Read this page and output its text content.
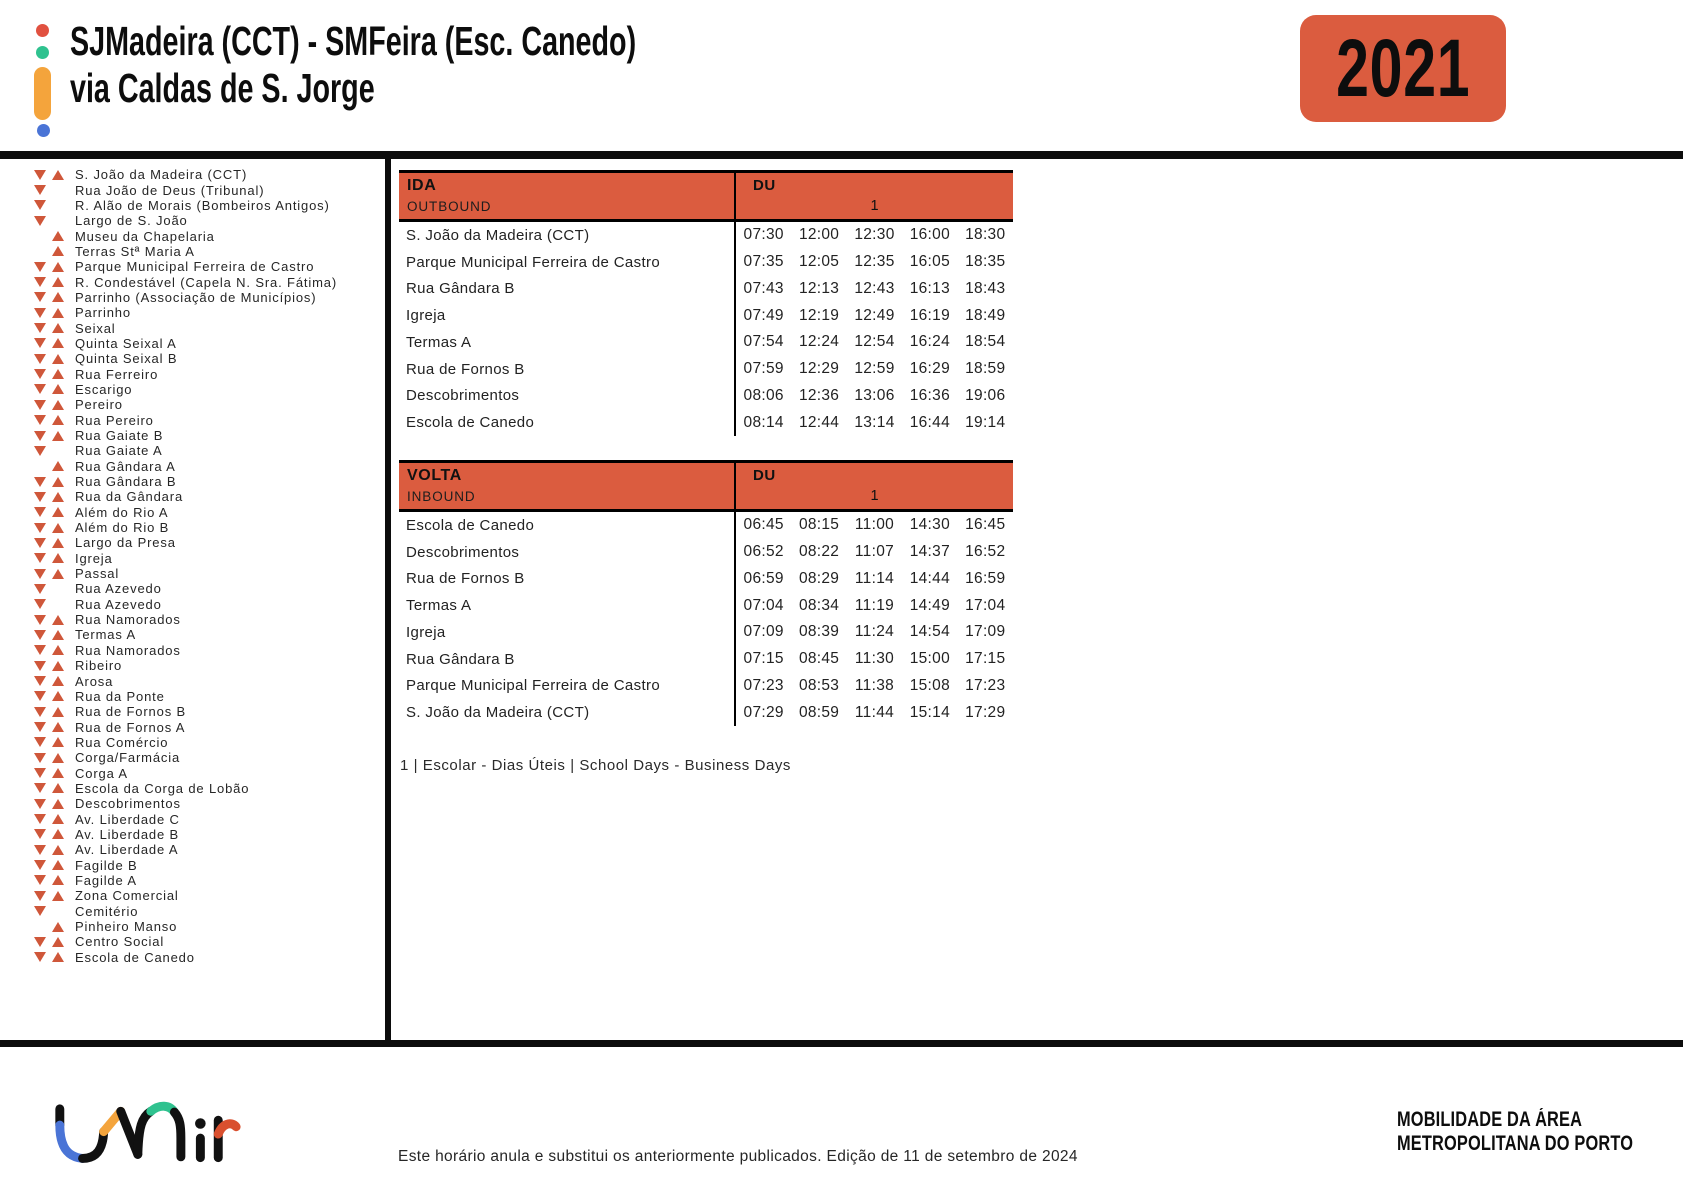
SJMadeira (CCT) - SMFeira (Esc. Canedo)
via Caldas de S. Jorge	2021
S. João da Madeira (CCT)
Rua João de Deus (Tribunal)
R. Alão de Morais (Bombeiros Antigos)
Largo de S. João
Museu da Chapelaria
Terras Stª Maria A
Parque Municipal Ferreira de Castro
R. Condestável (Capela N. Sra. Fátima)
Parrinho (Associação de Municípios)
Parrinho
Seixal
Quinta Seixal A
Quinta Seixal B
Rua Ferreiro
Escarigo
Pereiro
Rua Pereiro
Rua Gaiate B
Rua Gaiate A
Rua Gândara A
Rua Gândara B
Rua da Gândara
Além do Rio A
Além do Rio B
Largo da Presa
Igreja
Passal
Rua Azevedo
Rua Azevedo
Rua Namorados
Termas A
Rua Namorados
Ribeiro
Arosa
Rua da Ponte
Rua de Fornos B
Rua de Fornos A
Rua Comércio
Corga/Farmácia
Corga A
Escola da Corga de Lobão
Descobrimentos
Av. Liberdade C
Av. Liberdade B
Av. Liberdade A
Fagilde B
Fagilde A
Zona Comercial
Cemitério
Pinheiro Manso
Centro Social
Escola de Canedo
IDA
OUTBOUND
DU
1
S. João da Madeira (CCT)	07:30 12:00 12:30 16:00 18:30
Parque Municipal Ferreira de Castro	07:35 12:05 12:35 16:05 18:35
Rua Gândara B	07:43 12:13 12:43 16:13 18:43
Igreja	07:49 12:19 12:49 16:19 18:49
Termas A	07:54 12:24 12:54 16:24 18:54
Rua de Fornos B	07:59 12:29 12:59 16:29 18:59
Descobrimentos	08:06 12:36 13:06 16:36 19:06
Escola de Canedo	08:14 12:44 13:14 16:44 19:14
VOLTA
INBOUND
DU
1
Escola de Canedo	06:45 08:15	11:00	14:30 16:45
Descobrimentos	06:52 08:22	11:07	14:37 16:52
Rua de Fornos B	06:59 08:29	11:14	14:44 16:59
Termas A	07:04 08:34	11:19	14:49 17:04
Igreja	07:09 08:39	11:24	14:54 17:09
Rua Gândara B	07:15 08:45	11:30	15:00 17:15
Parque Municipal Ferreira de Castro	07:23 08:53	11:38	15:08 17:23
S. João da Madeira (CCT)	07:29 08:59	11:44	15:14 17:29
1 | Escolar - Dias Úteis | School Days - Business Days
Este horário anula e substitui os anteriormente publicados. Edição de 11 de setembro de 2024
MOBILIDADE DA ÁREA
METROPOLITANA DO PORTO
